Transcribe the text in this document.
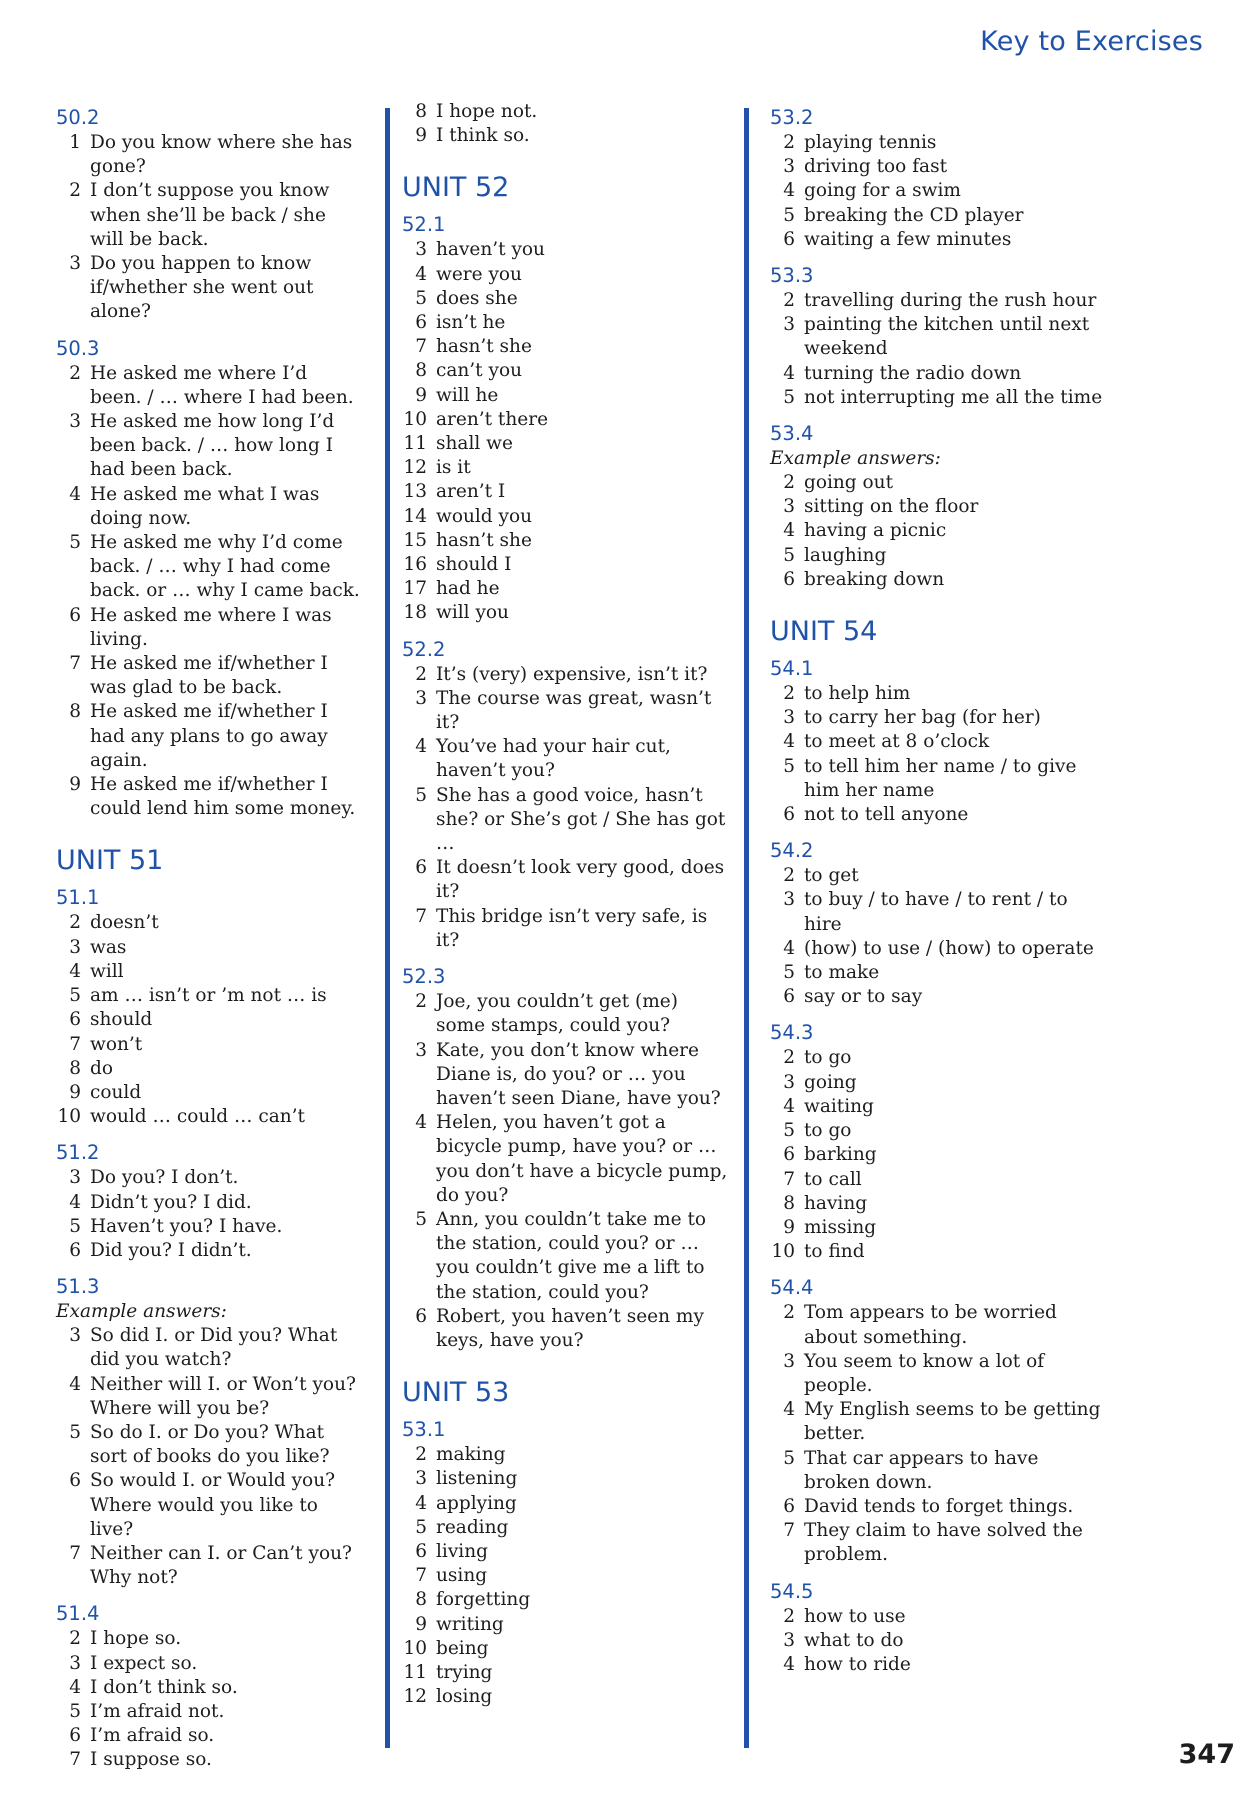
Key to Exercises
50.2
1 Do you know where she has gone?
2 I don’t suppose you know when she’ll be back / she will be back.
3 Do you happen to know if/whether she went out alone?
50.3
2 He asked me where I’d been. / … where I had been.
3 He asked me how long I’d been back. / … how long I had been back.
4 He asked me what I was doing now.
5 He asked me why I’d come back. / … why I had come back. or … why I came back.
6 He asked me where I was living.
7 He asked me if/whether I was glad to be back.
8 He asked me if/whether I had any plans to go away again.
9 He asked me if/whether I could lend him some money.
UNIT 51
51.1
2 doesn’t
3 was
4 will
5 am … isn’t or ’m not … is
6 should
7 won’t
8 do
9 could
10 would … could … can’t
51.2
3 Do you? I don’t.
4 Didn’t you? I did.
5 Haven’t you? I have.
6 Did you? I didn’t.
51.3
Example answers:
3 So did I. or Did you? What did you watch?
4 Neither will I. or Won’t you? Where will you be?
5 So do I. or Do you? What sort of books do you like?
6 So would I. or Would you? Where would you like to live?
7 Neither can I. or Can’t you? Why not?
51.4
2 I hope so.
3 I expect so.
4 I don’t think so.
5 I’m afraid not.
6 I’m afraid so.
7 I suppose so.
8 I hope not.
9 I think so.
UNIT 52
52.1
3 haven’t you
4 were you
5 does she
6 isn’t he
7 hasn’t she
8 can’t you
9 will he
10 aren’t there
11 shall we
12 is it
13 aren’t I
14 would you
15 hasn’t she
16 should I
17 had he
18 will you
52.2
2 It’s (very) expensive, isn’t it?
3 The course was great, wasn’t it?
4 You’ve had your hair cut, haven’t you?
5 She has a good voice, hasn’t she? or She’s got / She has got …
6 It doesn’t look very good, does it?
7 This bridge isn’t very safe, is it?
52.3
2 Joe, you couldn’t get (me) some stamps, could you?
3 Kate, you don’t know where Diane is, do you? or … you haven’t seen Diane, have you?
4 Helen, you haven’t got a bicycle pump, have you? or … you don’t have a bicycle pump, do you?
5 Ann, you couldn’t take me to the station, could you? or … you couldn’t give me a lift to the station, could you?
6 Robert, you haven’t seen my keys, have you?
UNIT 53
53.1
2 making
3 listening
4 applying
5 reading
6 living
7 using
8 forgetting
9 writing
10 being
11 trying
12 losing
53.2
2 playing tennis
3 driving too fast
4 going for a swim
5 breaking the CD player
6 waiting a few minutes
53.3
2 travelling during the rush hour
3 painting the kitchen until next weekend
4 turning the radio down
5 not interrupting me all the time
53.4
Example answers:
2 going out
3 sitting on the floor
4 having a picnic
5 laughing
6 breaking down
UNIT 54
54.1
2 to help him
3 to carry her bag (for her)
4 to meet at 8 o’clock
5 to tell him her name / to give him her name
6 not to tell anyone
54.2
2 to get
3 to buy / to have / to rent / to hire
4 (how) to use / (how) to operate
5 to make
6 say or to say
54.3
2 to go
3 going
4 waiting
5 to go
6 barking
7 to call
8 having
9 missing
10 to find
54.4
2 Tom appears to be worried about something.
3 You seem to know a lot of people.
4 My English seems to be getting better.
5 That car appears to have broken down.
6 David tends to forget things.
7 They claim to have solved the problem.
54.5
2 how to use
3 what to do
4 how to ride
347
